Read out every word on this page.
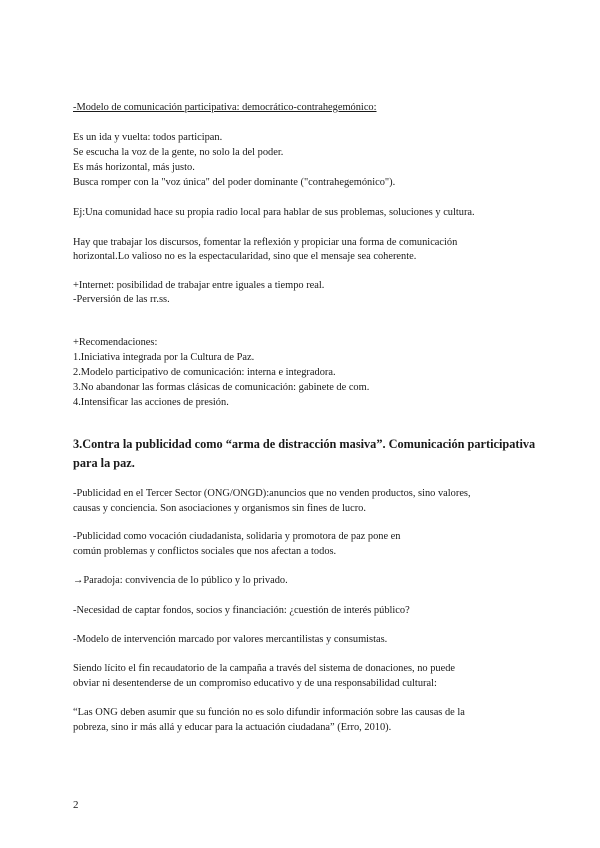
-Modelo de comunicación participativa: democrático-contrahegemónico:

Es un ida y vuelta: todos participan.

Se escucha la voz de la gente, no solo la del poder.

Es más horizontal, más justo.

Busca romper con la "voz única" del poder dominante ("contrahegemónico").

Ej:Una comunidad hace su propia radio local para hablar de sus problemas, soluciones y cultura.

Hay que trabajar los discursos, fomentar la reflexión y propiciar una forma de comunicación

horizontal.Lo valioso no es la espectacularidad, sino que el mensaje sea coherente.

+Internet: posibilidad de trabajar entre iguales a tiempo real.

-Perversión de las rr.ss.

+Recomendaciones:

1.Iniciativa integrada por la Cultura de Paz.

2.Modelo participativo de comunicación: interna e integradora.

3.No abandonar las formas clásicas de comunicación: gabinete de com.

4.Intensificar las acciones de presión.

3.Contra la publicidad como “arma de distracción masiva”. Comunicación participativa

para la paz.

-Publicidad en el Tercer Sector (ONG/ONGD):anuncios que no venden productos, sino valores,

causas y conciencia. Son asociaciones y organismos sin fines de lucro.

-Publicidad como vocación ciudadanista, solidaria y promotora de paz pone en

común problemas y conflictos sociales que nos afectan a todos.

→Paradoja: convivencia de lo público y lo privado.

-Necesidad de captar fondos, socios y financiación: ¿cuestión de interés público?

-Modelo de intervención marcado por valores mercantilistas y consumistas.

Siendo lícito el fin recaudatorio de la campaña a través del sistema de donaciones, no puede

obviar ni desentenderse de un compromiso educativo y de una responsabilidad cultural:

“Las ONG deben asumir que su función no es solo difundir información sobre las causas de la

pobreza, sino ir más allá y educar para la actuación ciudadana” (Erro, 2010).

2
